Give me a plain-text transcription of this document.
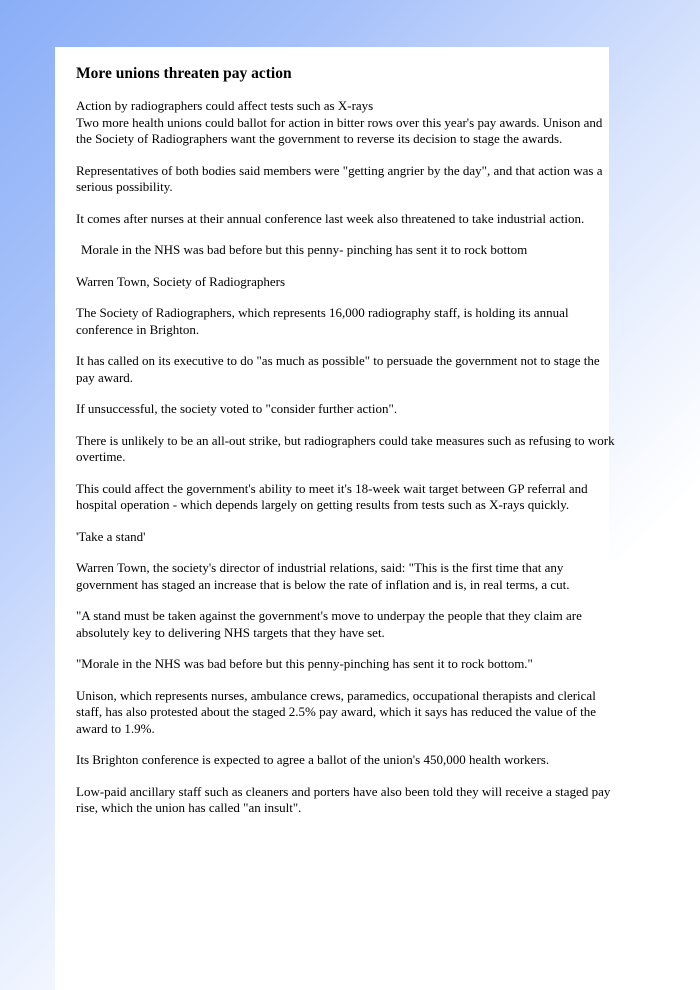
More unions threaten pay action

Action by radiographers could affect tests such as X-rays
Two more health unions could ballot for action in bitter rows over this year's pay awards. Unison and the Society of Radiographers want the government to reverse its decision to stage the awards.

Representatives of both bodies said members were "getting angrier by the day", and that action was a serious possibility.

It comes after nurses at their annual conference last week also threatened to take industrial action.

Morale in the NHS was bad before but this penny- pinching has sent it to rock bottom

Warren Town, Society of Radiographers

The Society of Radiographers, which represents 16,000 radiography staff, is holding its annual conference in Brighton.

It has called on its executive to do "as much as possible" to persuade the government not to stage the pay award.

If unsuccessful, the society voted to "consider further action".

There is unlikely to be an all-out strike, but radiographers could take measures such as refusing to work overtime.

This could affect the government's ability to meet it's 18-week wait target between GP referral and hospital operation - which depends largely on getting results from tests such as X-rays quickly.

'Take a stand'

Warren Town, the society's director of industrial relations, said: "This is the first time that any government has staged an increase that is below the rate of inflation and is, in real terms, a cut.

"A stand must be taken against the government's move to underpay the people that they claim are absolutely key to delivering NHS targets that they have set.

"Morale in the NHS was bad before but this penny-pinching has sent it to rock bottom."

Unison, which represents nurses, ambulance crews, paramedics, occupational therapists and clerical staff, has also protested about the staged 2.5% pay award, which it says has reduced the value of the award to 1.9%.

Its Brighton conference is expected to agree a ballot of the union's 450,000 health workers.

Low-paid ancillary staff such as cleaners and porters have also been told they will receive a staged pay rise, which the union has called "an insult".
